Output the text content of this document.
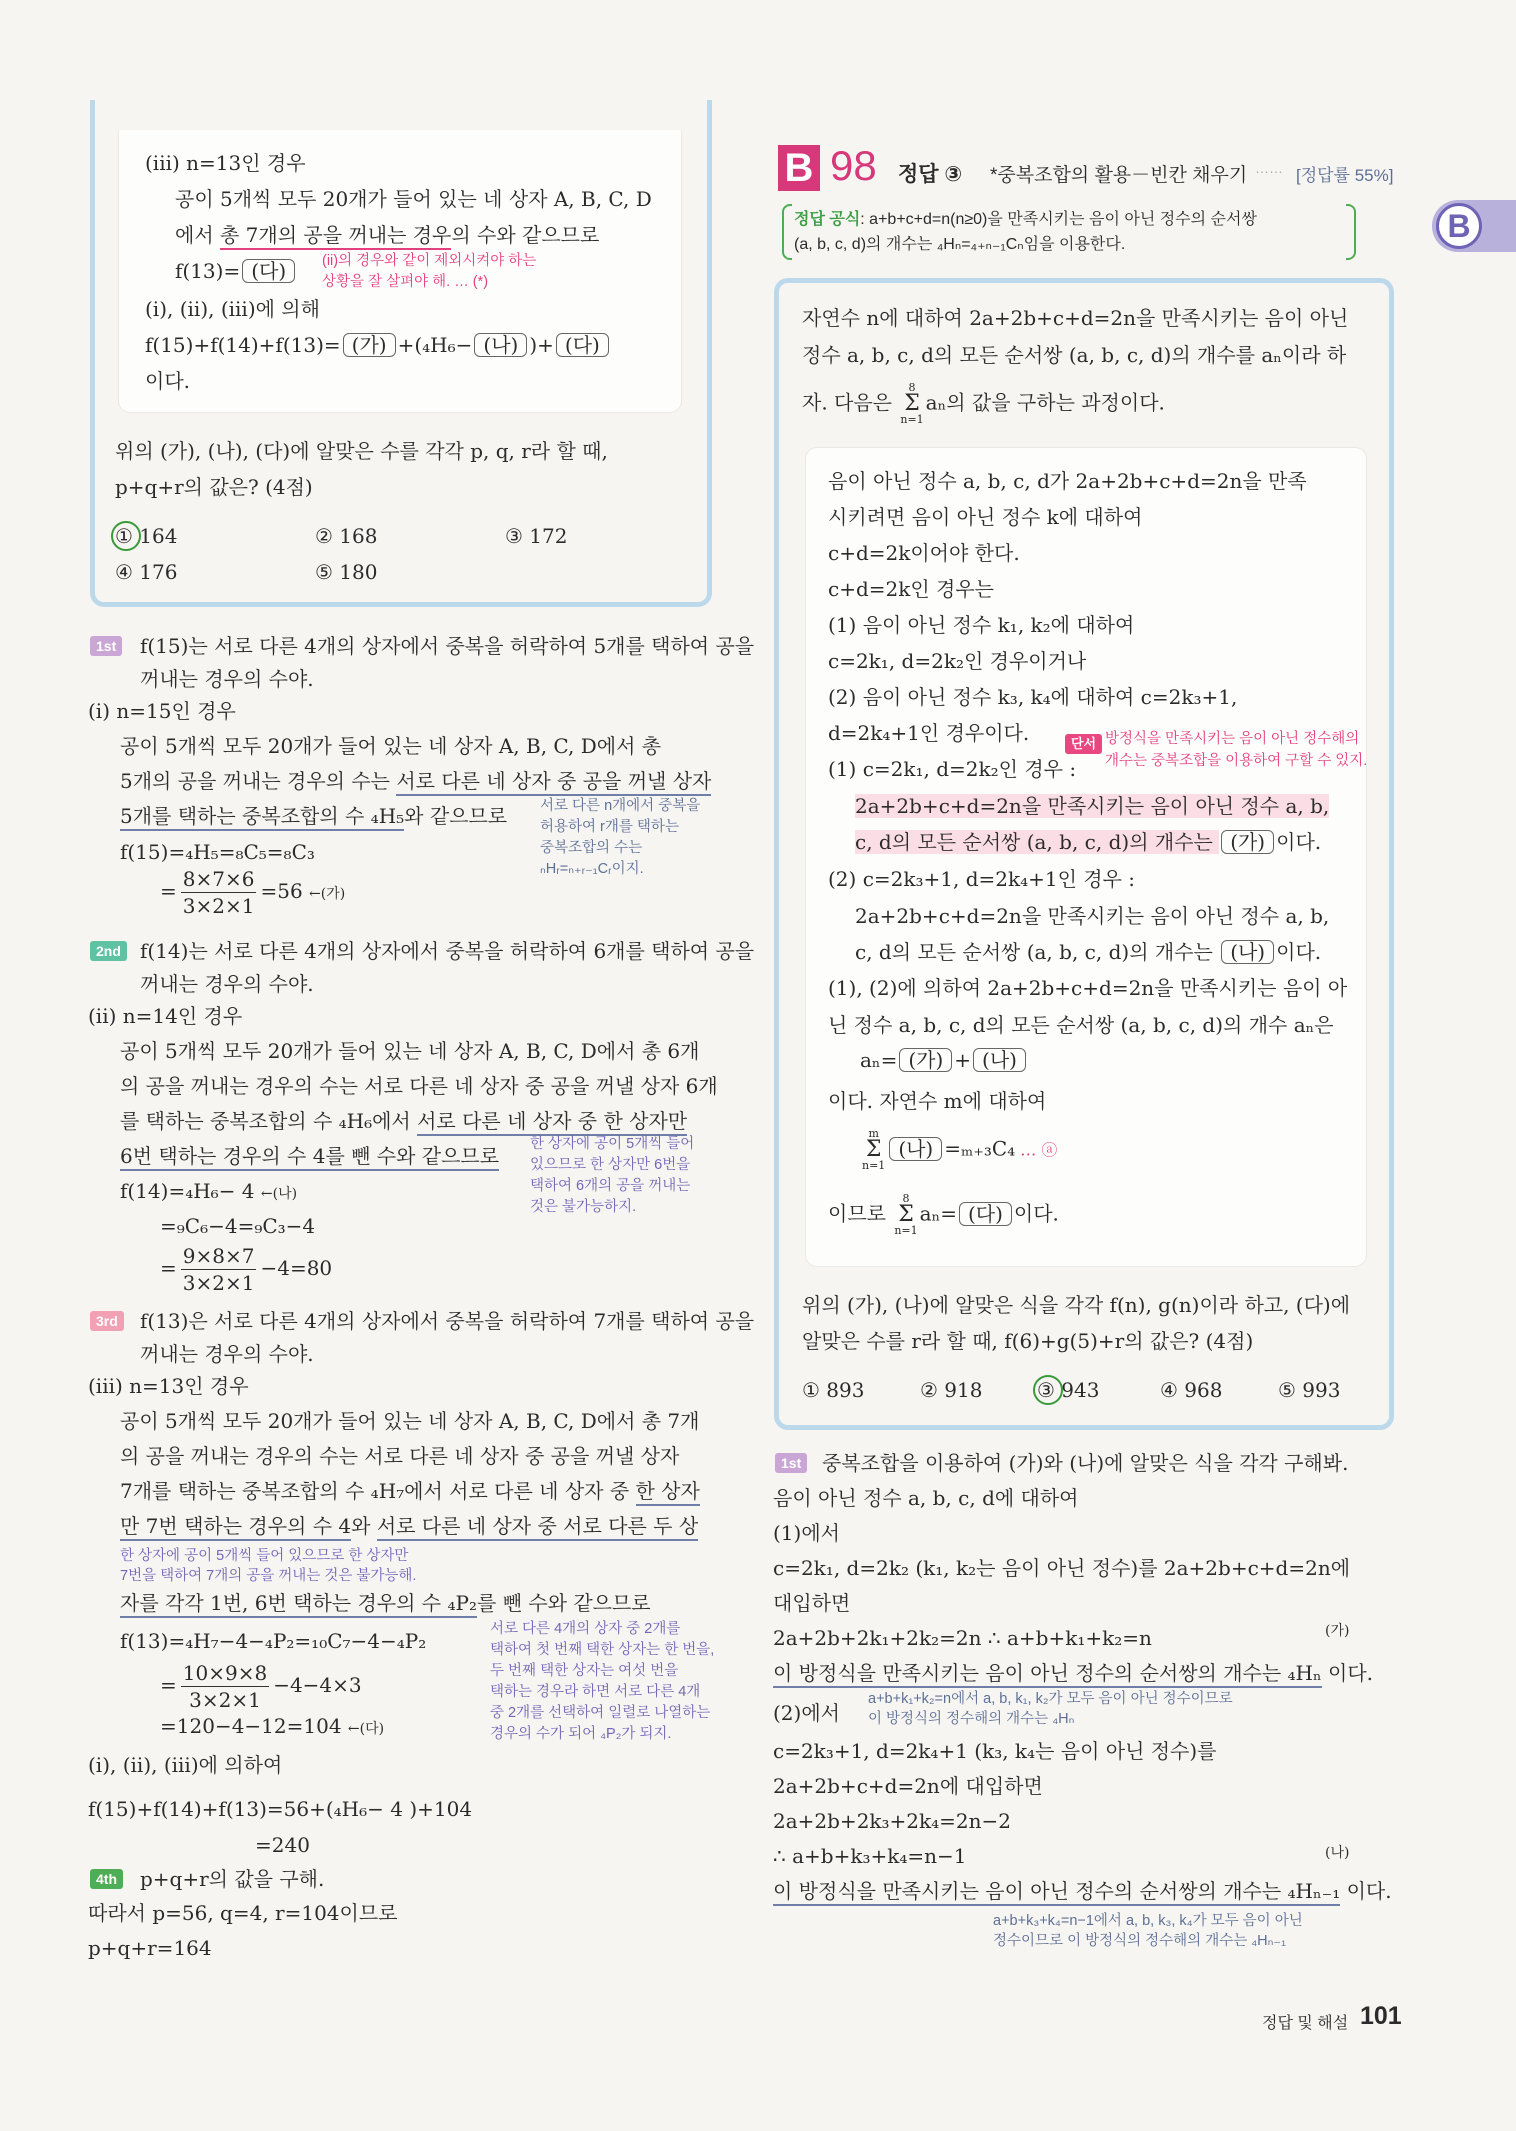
B 98 정답 ③ *중복조합의 활용－빈칸 채우기 …… [정답률 55%]
정답 공식: a+b+c+d=n(n≥0)을 만족시키는 음이 아닌 정수의 순서쌍
(a, b, c, d)의 개수는 ₄Hₙ=₄₊ₙ₋₁Cₙ임을 이용한다.
B
정답 및 해설 101
(iii) n=13인 경우
공이 5개씩 모두 20개가 들어 있는 네 상자 A, B, C, D
에서 총 7개의 공을 꺼내는 경우의 수와 같으므로
f(13)= (다)	(ii)의 경우와 같이 제외시켜야 하는
상황을 잘 살펴야 해. … (*)
(i), (ii), (iii)에 의해
f(15)+f(14)+f(13)= (가) +(₄H₆− (나) )+ (다)
이다.
위의 (가), (나), (다)에 알맞은 수를 각각 p, q, r라 할 때,
p+q+r의 값은? (4점)
1st	f(15)는 서로 다른 4개의 상자에서 중복을 허락하여 5개를 택하여 공을
꺼내는 경우의 수야.
(i) n=15인 경우
공이 5개씩 모두 20개가 들어 있는 네 상자 A, B, C, D에서 총
5개의 공을 꺼내는 경우의 수는 서로 다른 네 상자 중 공을 꺼낼 상자
5개를 택하는 중복조합의 수 ₄H₅와 같으므로
f(15)=₄H₅=₈C₅=₈C₃
= $\frac{8\times 7\times 6}{3\times 2\times 1} =56$ ←(가)
서로 다른 n개에서 중복을
허용하여 r개를 택하는
중복조합의 수는
ₙHᵣ=ₙ₊ᵣ₋₁Cᵣ이지.
2nd f(14)는 서로 다른 4개의 상자에서 중복을 허락하여 6개를 택하여 공을
꺼내는 경우의 수야.
(ii) n=14인 경우
공이 5개씩 모두 20개가 들어 있는 네 상자 A, B, C, D에서 총 6개
의 공을 꺼내는 경우의 수는 서로 다른 네 상자 중 공을 꺼낼 상자 6개
를 택하는 중복조합의 수 ₄H₆에서 서로 다른 네 상자 중 한 상자만
6번 택하는 경우의 수 4를 뺀 수와 같으므로
f(14)=₄H₆− 4 ←(나)
=₉C₆−4=₉C₃−4
= $\frac{9\times 8\times 7}{3\times 2\times 1} -4=80$
한 상자에 공이 5개씩 들어
있으므로 한 상자만 6번을
택하여 6개의 공을 꺼내는
것은 불가능하지.
3rd	f(13)은 서로 다른 4개의 상자에서 중복을 허락하여 7개를 택하여 공을
꺼내는 경우의 수야.
(iii) n=13인 경우
공이 5개씩 모두 20개가 들어 있는 네 상자 A, B, C, D에서 총 7개
의 공을 꺼내는 경우의 수는 서로 다른 네 상자 중 공을 꺼낼 상자
7개를 택하는 중복조합의 수 ₄H₇에서 서로 다른 네 상자 중 한 상자
만 7번 택하는 경우의 수 4와 서로 다른 네 상자 중 서로 다른 두 상
한 상자에 공이 5개씩 들어 있으므로 한 상자만
7번을 택하여 7개의 공을 꺼내는 것은 불가능해.
자를 각각 1번, 6번 택하는 경우의 수 ₄P₂를 뺀 수와 같으므로
f(13)=₄H₇−4−₄P₂=₁₀C₇−4−₄P₂
= $\frac{10\times 9\times 8}{3\times 2\times 1} -4-4\times 3$
=120−4−12=104 ←(다)
서로 다른 4개의 상자 중 2개를
택하여 첫 번째 택한 상자는 한 번을,
두 번째 택한 상자는 여섯 번을
택하는 경우라 하면 서로 다른 4개
중 2개를 선택하여 일렬로 나열하는
경우의 수가 되어 ₄P₂가 되지.
(i), (ii), (iii)에 의하여
f(15)+f(14)+f(13)=56+(₄H₆− 4 )+104
=240
4th	p+q+r의 값을 구해.
따라서 p=56, q=4, r=104이므로
p+q+r=164
① 164	② 168	③ 172
④ 176	⑤ 180
자연수 n에 대하여 2a+2b+c+d=2n을 만족시키는 음이 아닌
정수 a, b, c, d의 모든 순서쌍 (a, b, c, d)의 개수를 aₙ이라 하
자. 다음은
8
Σ
n=1
aₙ의 값을 구하는 과정이다.
음이 아닌 정수 a, b, c, d가 2a+2b+c+d=2n을 만족
시키려면 음이 아닌 정수 k에 대하여
c+d=2k이어야 한다.
c+d=2k인 경우는
(1) 음이 아닌 정수 k₁, k₂에 대하여
c=2k₁, d=2k₂인 경우이거나
(2) 음이 아닌 정수 k₃, k₄에 대하여 c=2k₃+1,
d=2k₄+1인 경우이다.	단서 방정식을 만족시키는 음이 아닌 정수해의
개수는 중복조합을 이용하여 구할 수 있지.
(1) c=2k₁, d=2k₂인 경우 :
2a+2b+c+d=2n을 만족시키는 음이 아닌 정수 a, b,
c, d의 모든 순서쌍 (a, b, c, d)의 개수는 (가) 이다.
(2) c=2k₃+1, d=2k₄+1인 경우 :
2a+2b+c+d=2n을 만족시키는 음이 아닌 정수 a, b,
c, d의 모든 순서쌍 (a, b, c, d)의 개수는 (나) 이다.
(1), (2)에 의하여 2a+2b+c+d=2n을 만족시키는 음이 아
닌 정수 a, b, c, d의 모든 순서쌍 (a, b, c, d)의 개수 aₙ은
aₙ= (가) + (나)
이다. 자연수 m에 대하여
m
Σ
n=1
(나) =ₘ₊₃C₄ … ⓐ
이므로
8
Σ
n=1
aₙ= (다) 이다.
위의 (가), (나)에 알맞은 식을 각각 f(n), g(n)이라 하고, (다)에
알맞은 수를 r라 할 때, f(6)+g(5)+r의 값은? (4점)
1st	중복조합을 이용하여 (가)와 (나)에 알맞은 식을 각각 구해봐.
음이 아닌 정수 a, b, c, d에 대하여
(1)에서
c=2k₁, d=2k₂ (k₁, k₂는 음이 아닌 정수)를 2a+2b+c+d=2n에
대입하면
2a+2b+2k₁+2k₂=2n ∴ a+b+k₁+k₂=n	(가)
이 방정식을 만족시키는 음이 아닌 정수의 순서쌍의 개수는 ₄Hₙ 이다.
a+b+k₁+k₂=n에서 a, b, k₁, k₂가 모두 음이 아닌 정수이므로
이 방정식의 정수해의 개수는 ₄Hₙ
(2)에서
c=2k₃+1, d=2k₄+1 (k₃, k₄는 음이 아닌 정수)를
2a+2b+c+d=2n에 대입하면
2a+2b+2k₃+2k₄=2n−2
∴ a+b+k₃+k₄=n−1	(나)
이 방정식을 만족시키는 음이 아닌 정수의 순서쌍의 개수는 ₄Hₙ₋₁ 이다.
a+b+k₃+k₄=n−1에서 a, b, k₃, k₄가 모두 음이 아닌
정수이므로 이 방정식의 정수해의 개수는 ₄Hₙ₋₁
① 893	② 918	③ 943	④ 968	⑤ 993
